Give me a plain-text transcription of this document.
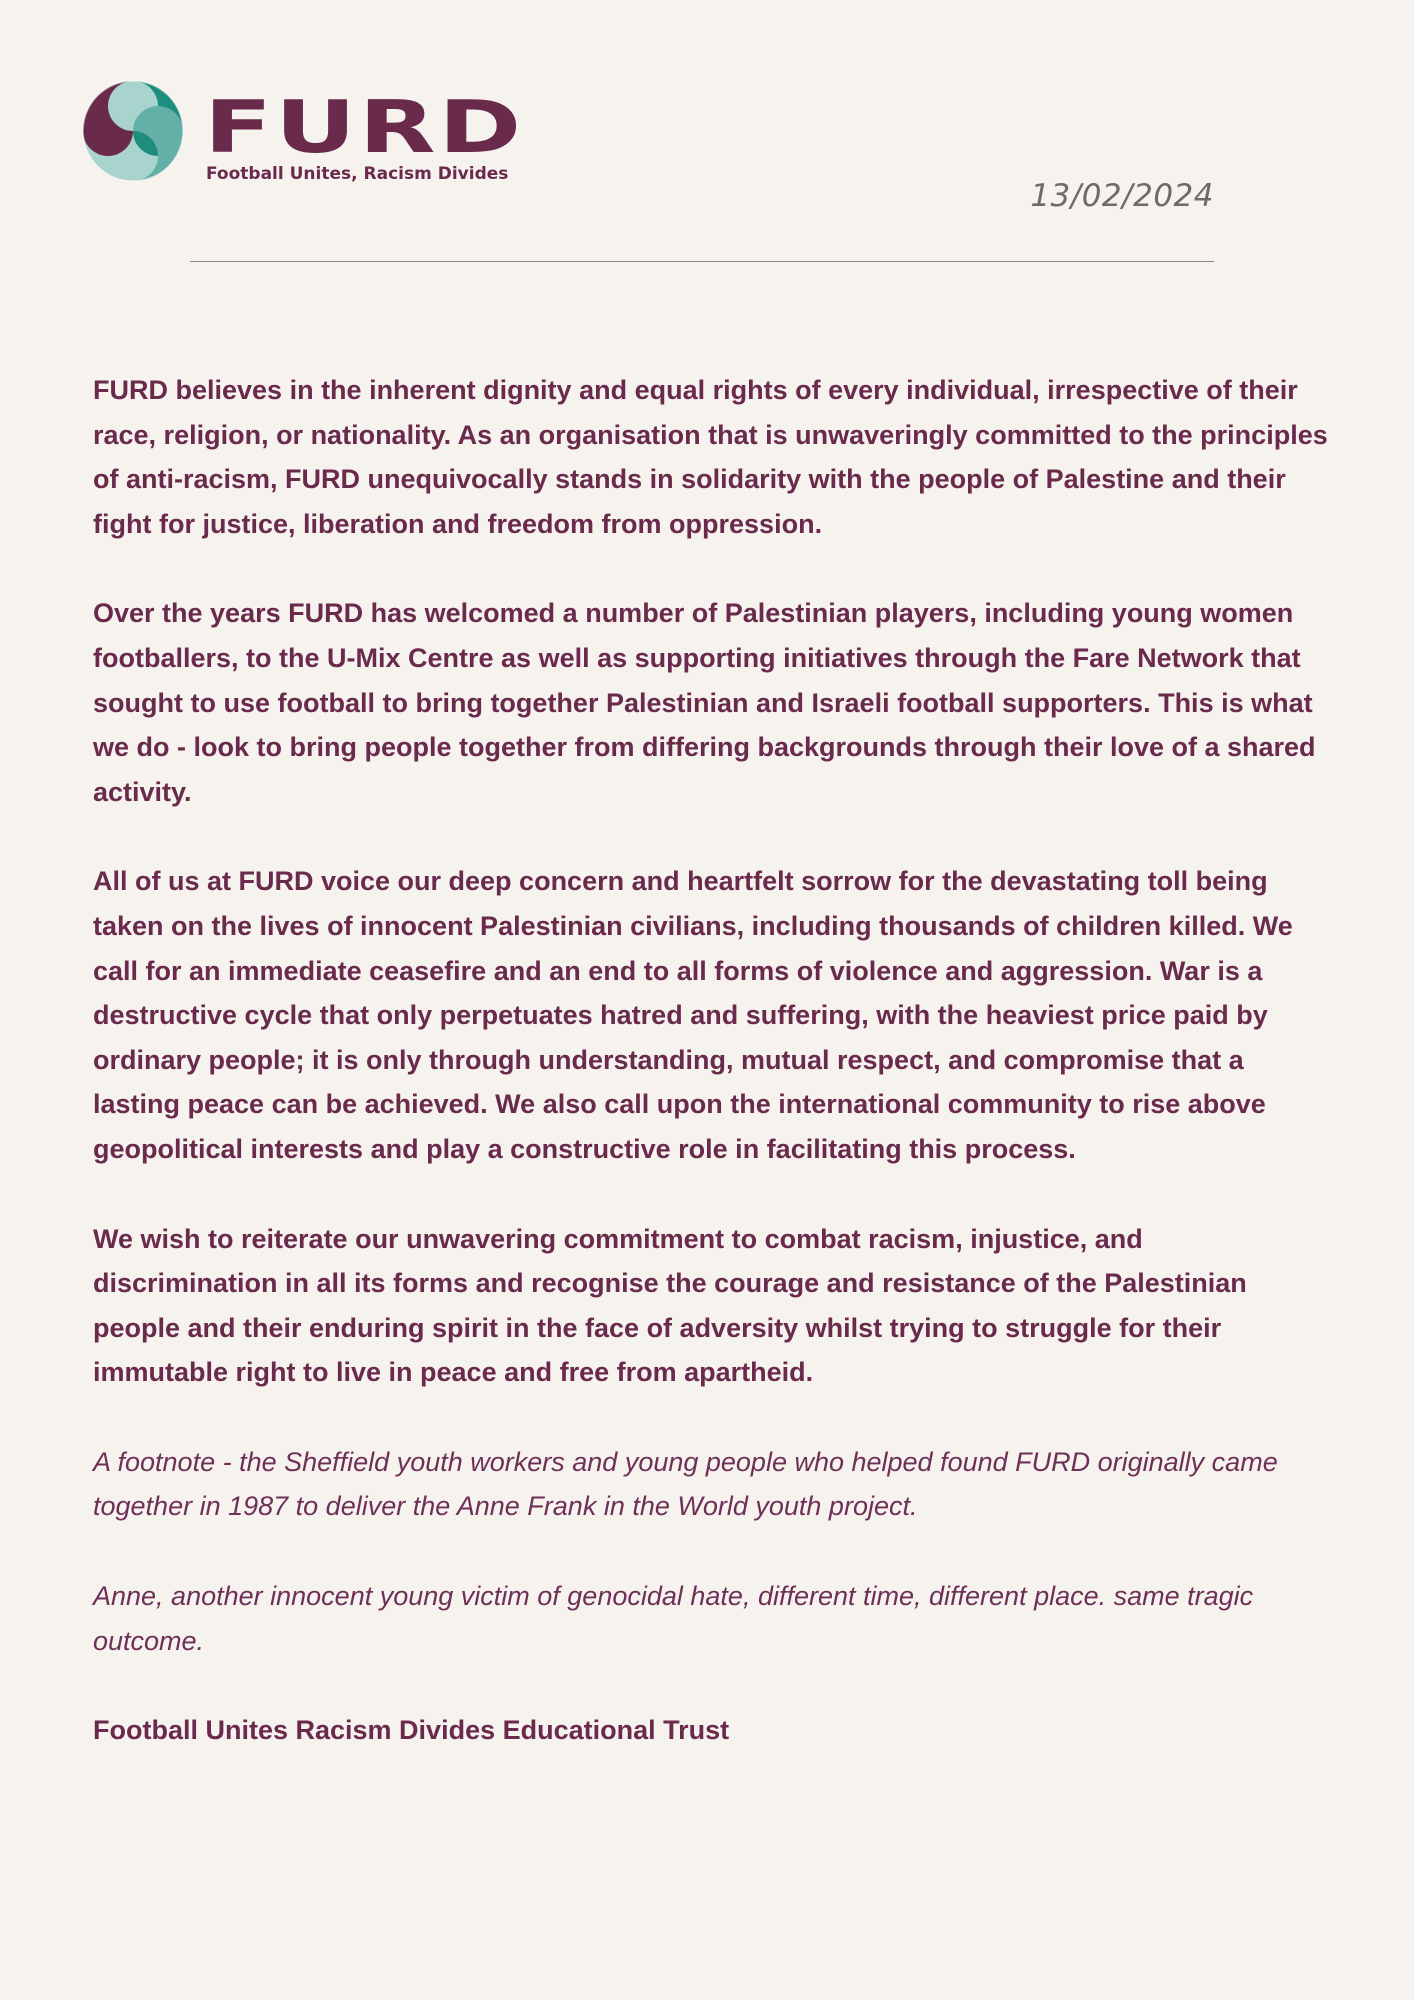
FURD
Football Unites, Racism Divides
13/02/2024

FURD believes in the inherent dignity and equal rights of every individual, irrespective of their race, religion, or nationality. As an organisation that is unwaveringly committed to the principles of anti-racism, FURD unequivocally stands in solidarity with the people of Palestine and their fight for justice, liberation and freedom from oppression.

Over the years FURD has welcomed a number of Palestinian players, including young women footballers, to the U-Mix Centre as well as supporting initiatives through the Fare Network that sought to use football to bring together Palestinian and Israeli football supporters. This is what we do - look to bring people together from differing backgrounds through their love of a shared activity.

All of us at FURD voice our deep concern and heartfelt sorrow for the devastating toll being taken on the lives of innocent Palestinian civilians, including thousands of children killed. We call for an immediate ceasefire and an end to all forms of violence and aggression. War is a destructive cycle that only perpetuates hatred and suffering, with the heaviest price paid by ordinary people; it is only through understanding, mutual respect, and compromise that a lasting peace can be achieved. We also call upon the international community to rise above geopolitical interests and play a constructive role in facilitating this process.

We wish to reiterate our unwavering commitment to combat racism, injustice, and discrimination in all its forms and recognise the courage and resistance of the Palestinian people and their enduring spirit in the face of adversity whilst trying to struggle for their immutable right to live in peace and free from apartheid.

A footnote - the Sheffield youth workers and young people who helped found FURD originally came together in 1987 to deliver the Anne Frank in the World youth project.

Anne, another innocent young victim of genocidal hate, different time, different place. same tragic outcome.

Football Unites Racism Divides Educational Trust
